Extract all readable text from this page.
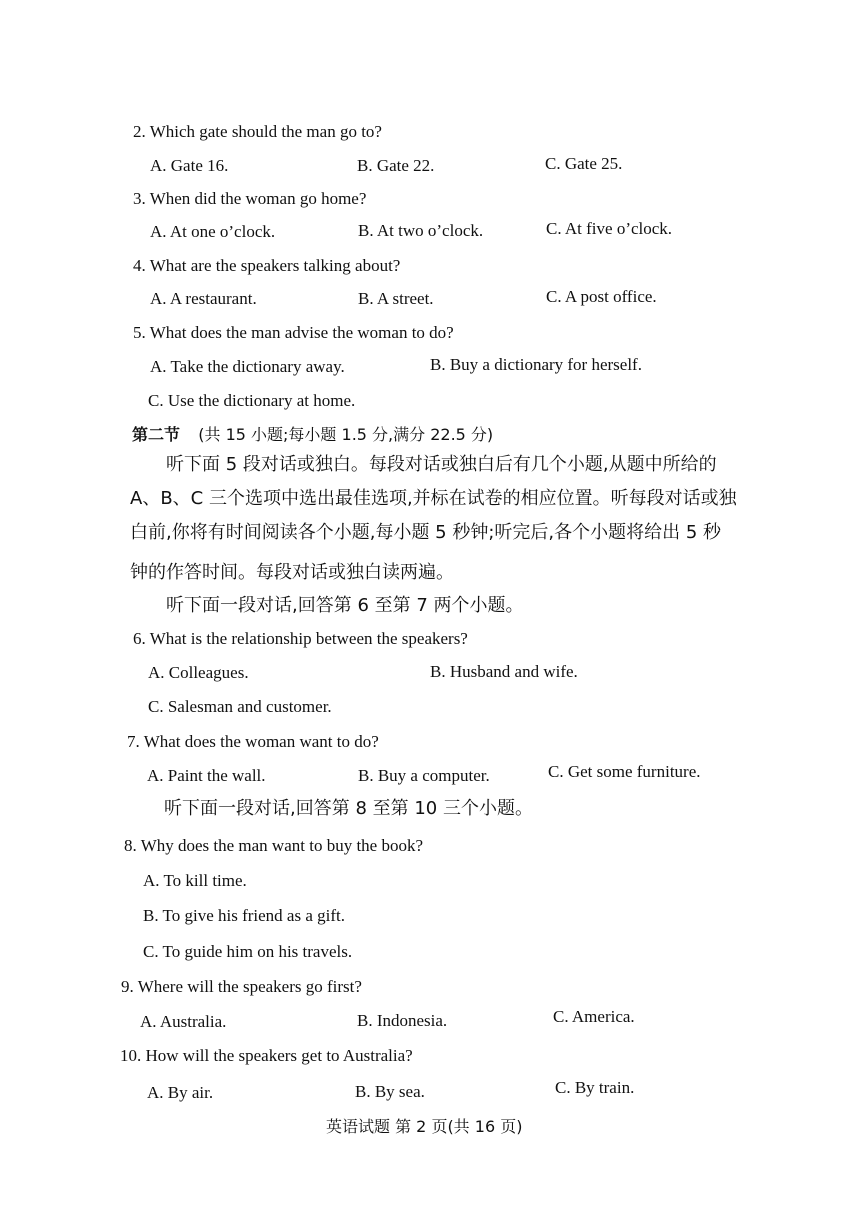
2. Which gate should the man go to?
A. Gate 16.	B. Gate 22.	C. Gate 25.
3. When did the woman go home?
A. At one o’clock.	B. At two o’clock.	C. At five o’clock.
4. What are the speakers talking about?
A. A restaurant.	B. A street.	C. A post office.
5. What does the man advise the woman to do?
A. Take the dictionary away.	B. Buy a dictionary for herself.
C. Use the dictionary at home.
第二节 (共 15 小题;每小题 1.5 分,满分 22.5 分)
听下面 5 段对话或独白。每段对话或独白后有几个小题,从题中所给的
A、B、C 三个选项中选出最佳选项,并标在试卷的相应位置。听每段对话或独
白前,你将有时间阅读各个小题,每小题 5 秒钟;听完后,各个小题将给出 5 秒
钟的作答时间。每段对话或独白读两遍。
听下面一段对话,回答第 6 至第 7 两个小题。
6. What is the relationship between the speakers?
A. Colleagues.	B. Husband and wife.
C. Salesman and customer.
7. What does the woman want to do?
A. Paint the wall.	B. Buy a computer.	C. Get some furniture.
听下面一段对话,回答第 8 至第 10 三个小题。
8. Why does the man want to buy the book?
A. To kill time.
B. To give his friend as a gift.
C. To guide him on his travels.
9. Where will the speakers go first?
A. Australia.	B. Indonesia.	C. America.
10. How will the speakers get to Australia?
A. By air.	B. By sea.	C. By train.
英语试题 第 2 页(共 16 页)
